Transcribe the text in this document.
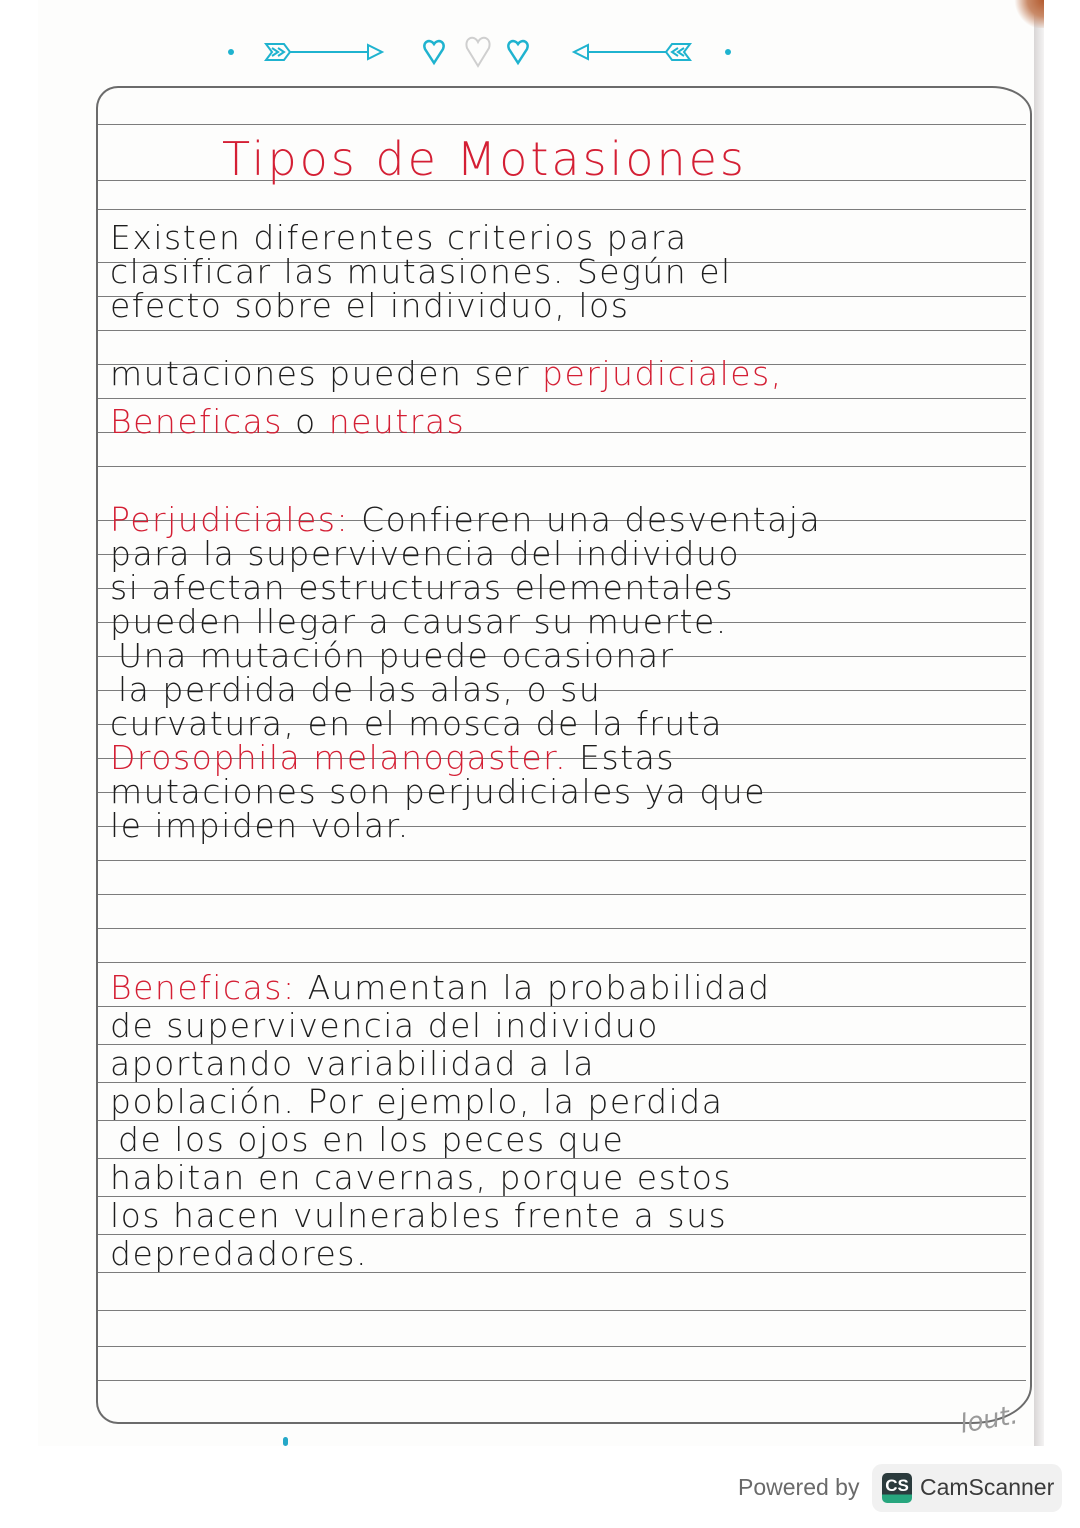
Tipos de Motasiones
Existen diferentes criterios para
clasificar las mutasiones. Según el
efecto sobre el individuo, los
mutaciones pueden ser perjudiciales,
Beneficas o neutras
Perjudiciales: Confieren una desventaja
para la supervivencia del individuo
si afectan estructuras elementales
pueden llegar a causar su muerte.
Una mutación puede ocasionar
la perdida de las alas, o su
curvatura, en el mosca de la fruta
Drosophila melanogaster. Estas
mutaciones son perjudiciales ya que
le impiden volar.
Beneficas: Aumentan la probabilidad
de supervivencia del individuo
aportando variabilidad a la
población. Por ejemplo, la perdida
de los ojos en los peces que
habitan en cavernas, porque estos
los hacen vulnerables frente a sus
depredadores.
lout.
Powered by CS CamScanner
